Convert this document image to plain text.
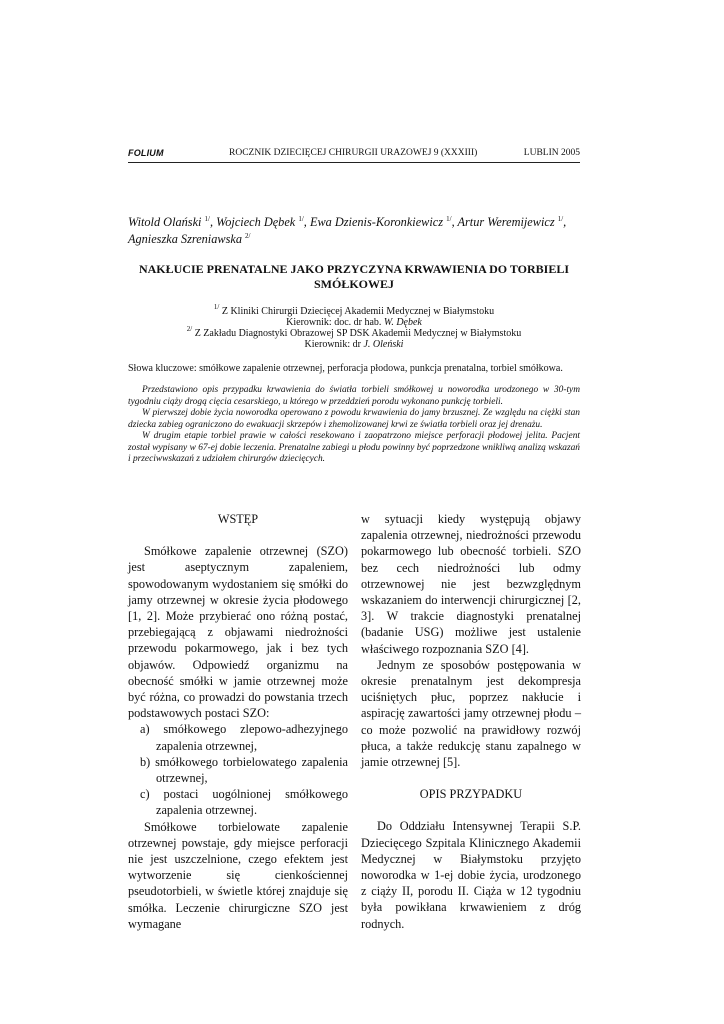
FOLIUM	ROCZNIK DZIECIĘCEJ CHIRURGII URAZOWEJ 9 (XXXIII)	LUBLIN 2005
Witold Olański $^{1/}$, Wojciech Dębek $^{1/}$, Ewa Dzienis-Koronkiewicz $^{1/}$, Artur Weremijewicz $^{1/}$,
Agnieszka Szreniawska $^{2/}$
NAKŁUCIE PRENATALNE JAKO PRZYCZYNA KRWAWIENIA DO TORBIELI SMÓŁKOWEJ
$^{1/}$ Z Kliniki Chirurgii Dziecięcej Akademii Medycznej w Białymstoku
Kierownik: doc. dr hab. W. Dębek
$^{2/}$ Z Zakładu Diagnostyki Obrazowej SP DSK Akademii Medycznej w Białymstoku
Kierownik: dr J. Oleński
Słowa kluczowe: smółkowe zapalenie otrzewnej, perforacja płodowa, punkcja prenatalna, torbiel smółkowa.

Przedstawiono opis przypadku krwawienia do światła torbieli smółkowej u noworodka urodzonego w 30-tym tygodniu ciąży drogą cięcia cesarskiego, u którego w przeddzień porodu wykonano punkcję torbieli.

W pierwszej dobie życia noworodka operowano z powodu krwawienia do jamy brzusznej. Ze względu na ciężki stan dziecka zabieg ograniczono do ewakuacji skrzepów i zhemolizowanej krwi ze światła torbieli oraz jej drenażu.

W drugim etapie torbiel prawie w całości resekowano i zaopatrzono miejsce perforacji płodowej jelita. Pacjent został wypisany w 67-ej dobie leczenia. Prenatalne zabiegi u płodu powinny być poprzedzone wnikliwą analizą wskazań i przeciwwskazań z udziałem chirurgów dziecięcych.

WSTĘP

Smółkowe zapalenie otrzewnej (SZO) jest aseptycznym zapaleniem, spowodowanym wydostaniem się smółki do jamy otrzewnej w okresie życia płodowego [1, 2]. Może przybierać ono różną postać, przebiegającą z objawami niedrożności przewodu pokarmowego, jak i bez tych objawów. Odpowiedź organizmu na obecność smółki w jamie otrzewnej może być różna, co prowadzi do powstania trzech podstawowych postaci SZO:

a) smółkowego zlepowo-adhezyjnego zapalenia otrzewnej,
b) smółkowego torbielowatego zapalenia otrzewnej,
c) postaci uogólnionej smółkowego zapalenia otrzewnej.

Smółkowe torbielowate zapalenie otrzewnej powstaje, gdy miejsce perforacji nie jest uszczelnione, czego efektem jest wytworzenie się cienkościennej pseudotorbieli, w świetle której znajduje się smółka. Leczenie chirurgiczne SZO jest wymagane

w sytuacji kiedy występują objawy zapalenia otrzewnej, niedrożności przewodu pokarmowego lub obecność torbieli. SZO bez cech niedrożności lub odmy otrzewnowej nie jest bezwzględnym wskazaniem do interwencji chirurgicznej [2, 3]. W trakcie diagnostyki prenatalnej (badanie USG) możliwe jest ustalenie właściwego rozpoznania SZO [4].

Jednym ze sposobów postępowania w okresie prenatalnym jest dekompresja uciśniętych płuc, poprzez nakłucie i aspirację zawartości jamy otrzewnej płodu – co może pozwolić na prawidłowy rozwój płuca, a także redukcję stanu zapalnego w jamie otrzewnej [5].

OPIS PRZYPADKU

Do Oddziału Intensywnej Terapii S.P. Dziecięcego Szpitala Klinicznego Akademii Medycznej w Białymstoku przyjęto noworodka w 1-ej dobie życia, urodzonego z ciąży II, porodu II. Ciąża w 12 tygodniu była powikłana krwawieniem z dróg rodnych.
